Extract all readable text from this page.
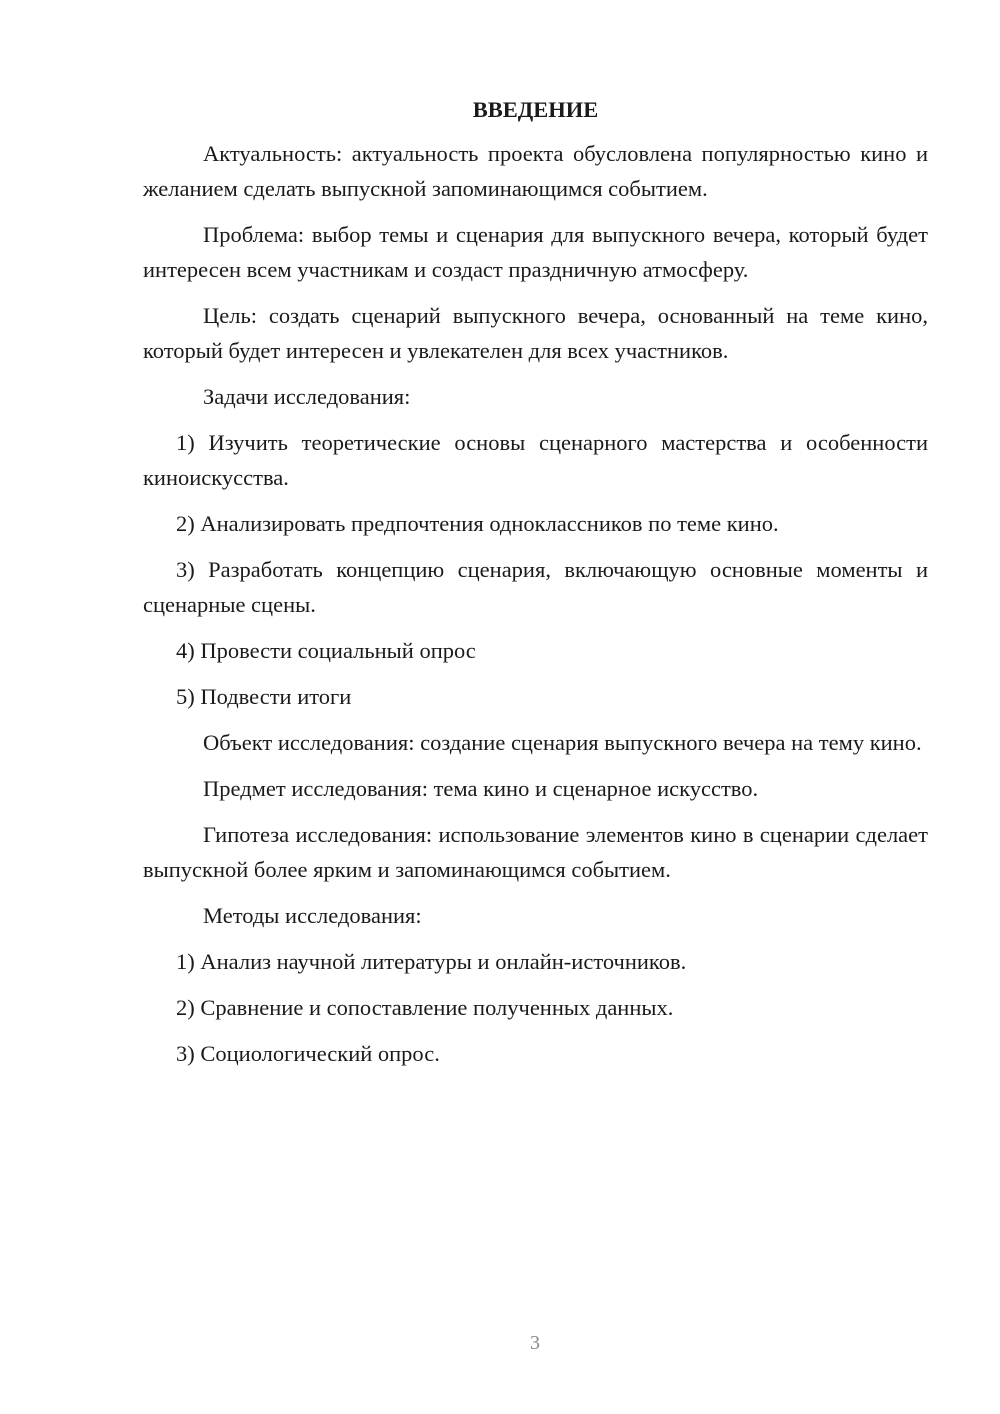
ВВЕДЕНИЕ

Актуальность: актуальность проекта обусловлена популярностью кино и желанием сделать выпускной запоминающимся событием.

Проблема: выбор темы и сценария для выпускного вечера, который будет интересен всем участникам и создаст праздничную атмосферу.

Цель: создать сценарий выпускного вечера, основанный на теме кино, который будет интересен и увлекателен для всех участников.

Задачи исследования:

1) Изучить теоретические основы сценарного мастерства и особенности киноискусства.

2) Анализировать предпочтения одноклассников по теме кино.

3) Разработать концепцию сценария, включающую основные моменты и сценарные сцены.

4) Провести социальный опрос

5) Подвести итоги

Объект исследования: создание сценария выпускного вечера на тему кино.

Предмет исследования: тема кино и сценарное искусство.

Гипотеза исследования: использование элементов кино в сценарии сделает выпускной более ярким и запоминающимся событием.

Методы исследования:

1) Анализ научной литературы и онлайн-источников.

2) Сравнение и сопоставление полученных данных.

3) Социологический опрос.

3
